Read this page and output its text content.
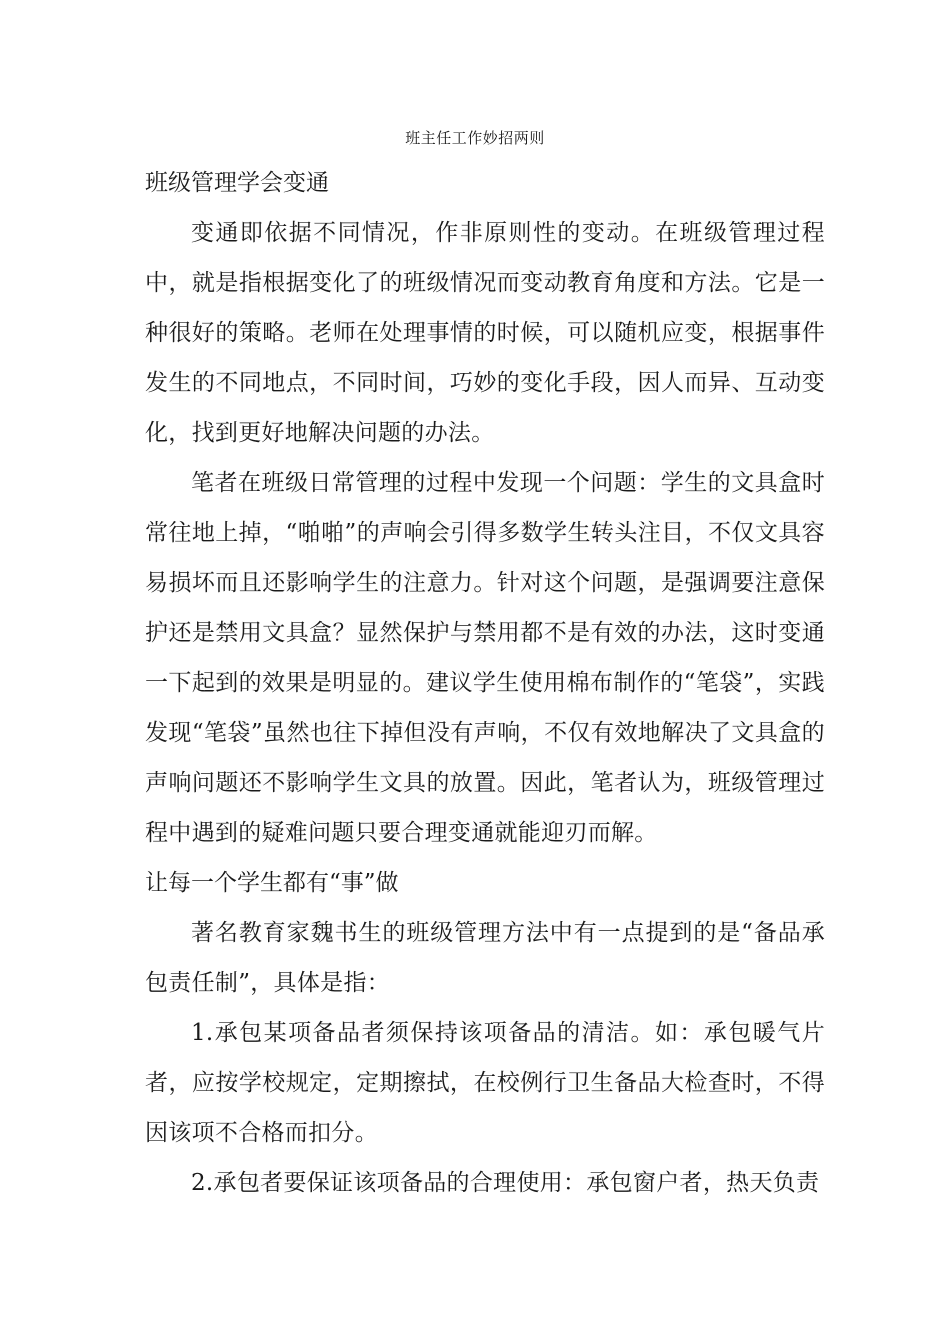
班主任工作妙招两则
班级管理学会变通

变通即依据不同情况，作非原则性的变动。在班级管理过程中，就是指根据变化了的班级情况而变动教育角度和方法。它是一种很好的策略。老师在处理事情的时候，可以随机应变，根据事件发生的不同地点，不同时间，巧妙的变化手段，因人而异、互动变化，找到更好地解决问题的办法。

笔者在班级日常管理的过程中发现一个问题：学生的文具盒时常往地上掉，“啪啪”的声响会引得多数学生转头注目，不仅文具容易损坏而且还影响学生的注意力。针对这个问题，是强调要注意保护还是禁用文具盒？显然保护与禁用都不是有效的办法，这时变通一下起到的效果是明显的。建议学生使用棉布制作的“笔袋”，实践发现“笔袋”虽然也往下掉但没有声响，不仅有效地解决了文具盒的声响问题还不影响学生文具的放置。因此，笔者认为，班级管理过程中遇到的疑难问题只要合理变通就能迎刃而解。

让每一个学生都有“事”做

著名教育家魏书生的班级管理方法中有一点提到的是“备品承包责任制”，具体是指：

1.承包某项备品者须保持该项备品的清洁。如：承包暖气片者，应按学校规定，定期擦拭，在校例行卫生备品大检查时，不得因该项不合格而扣分。

2.承包者要保证该项备品的合理使用：承包窗户者，热天负责
